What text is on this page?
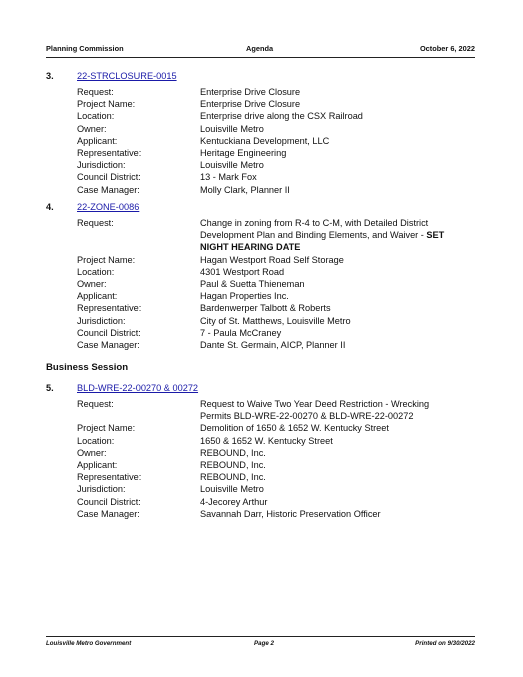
Planning Commission	Agenda	October 6, 2022
3.	22-STRCLOSURE-0015
Request:	Enterprise Drive Closure
Project Name:	Enterprise Drive Closure
Location:	Enterprise drive along the CSX Railroad
Owner:	Louisville Metro
Applicant:	Kentuckiana Development, LLC
Representative:	Heritage Engineering
Jurisdiction:	Louisville Metro
Council District:	13 - Mark Fox
Case Manager:	Molly Clark, Planner II
4.	22-ZONE-0086
Request:	Change in zoning from R-4 to C-M, with Detailed District
Development Plan and Binding Elements, and Waiver - SET
NIGHT HEARING DATE
Project Name:	Hagan Westport Road Self Storage
Location:	4301 Westport Road
Owner:	Paul & Suetta Thieneman
Applicant:	Hagan Properties Inc.
Representative:	Bardenwerper Talbott & Roberts
Jurisdiction:	City of St. Matthews, Louisville Metro
Council District:	7 - Paula McCraney
Case Manager:	Dante St. Germain, AICP, Planner II
Business Session
5.	BLD-WRE-22-00270 & 00272
Request:	Request to Waive Two Year Deed Restriction - Wrecking
Permits BLD-WRE-22-00270 & BLD-WRE-22-00272
Project Name:	Demolition of 1650 & 1652 W. Kentucky Street
Location:	1650 & 1652 W. Kentucky Street
Owner:	REBOUND, Inc.
Applicant:	REBOUND, Inc.
Representative:	REBOUND, Inc.
Jurisdiction:	Louisville Metro
Council District:	4-Jecorey Arthur
Case Manager:	Savannah Darr, Historic Preservation Officer
Louisville Metro Government	Page 2	Printed on 9/30/2022
